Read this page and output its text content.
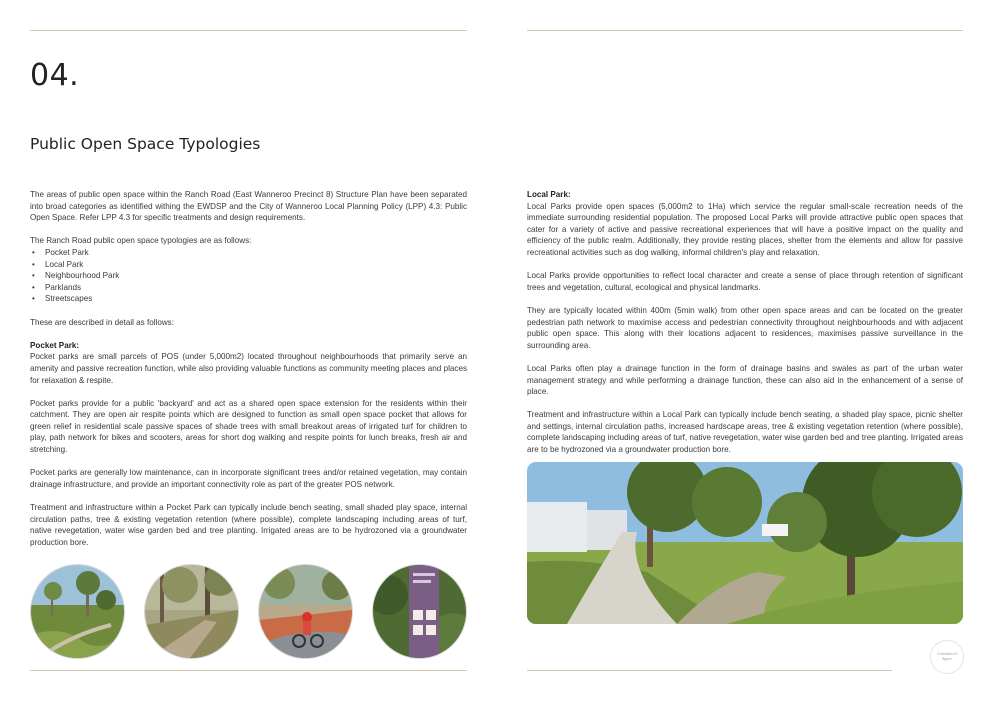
04.
Public Open Space Typologies

The areas of public open space within the Ranch Road (East Wanneroo Precinct 8) Structure Plan have been separated into broad categories as identified withing the EWDSP and the City of Wanneroo Local Planning Policy (LPP) 4.3: Public Open Space. Refer LPP 4.3 for specific treatments and design requirements.

The Ranch Road public open space typologies are as follows:

• Pocket Park
• Local Park
• Neighbourhood Park
• Parklands
• Streetscapes

These are described in detail as follows:

Pocket Park:

Pocket parks are small parcels of POS (under 5,000m2) located throughout neighbourhoods that primarily serve an amenity and passive recreation function, while also providing valuable functions as community meeting places and places for relaxation & respite.

Pocket parks provide for a public 'backyard' and act as a shared open space extension for the residents within their catchment. They are open air respite points which are designed to function as small open space pocket that allows for green relief in residential scale passive spaces of shade trees with small breakout areas of irrigated turf for children to play, path network for bikes and scooters, areas for short dog walking and respite points for lunch breaks, fresh air and stretching.

Pocket parks are generally low maintenance, can in incorporate significant trees and/or retained vegetation, may contain drainage infrastructure, and provide an important connectivity role as part of the greater POS network.

Treatment and infrastructure within a Pocket Park can typically include bench seating, small shaded play space, internal circulation paths, tree & existing vegetation retention (where possible), complete landscaping including areas of turf, native revegetation, water wise garden bed and tree planting. Irrigated areas are to be hydrozoned via a groundwater production bore.

Local Park:

Local Parks provide open spaces (5,000m2 to 1Ha) which service the regular small-scale recreation needs of the immediate surrounding residential population. The proposed Local Parks will provide attractive public open spaces that cater for a variety of active and passive recreational experiences that will have a positive impact on the quality and efficiency of the public realm. Additionally, they provide resting places, shelter from the elements and allow for passive recreational activities such as dog walking, informal children's play and relaxation.

Local Parks provide opportunities to reflect local character and create a sense of place through retention of significant trees and vegetation, cultural, ecological and physical landmarks.

They are typically located within 400m (5min walk) from other open space areas and can be located on the greater pedestrian path network to maximise access and pedestrian connectivity throughout neighbourhoods and with adjacent public open space. This along with their locations adjacent to residences, maximises passive surveillance in the surrounding area.

Local Parks often play a drainage function in the form of drainage basins and swales as part of the urban water management strategy and while performing a drainage function, these can also aid in the enhancement of a sense of place.

Treatment and infrastructure within a Local Park can typically include bench seating, a shaded play space, picnic shelter and settings, internal circulation paths, increased hardscape areas, tree & existing vegetation retention (where possible), complete landscaping including areas of turf, native revegetation, water wise garden bed and tree planting. Irrigated areas are to be hydrozoned via a groundwater production bore.

Considered
Space
